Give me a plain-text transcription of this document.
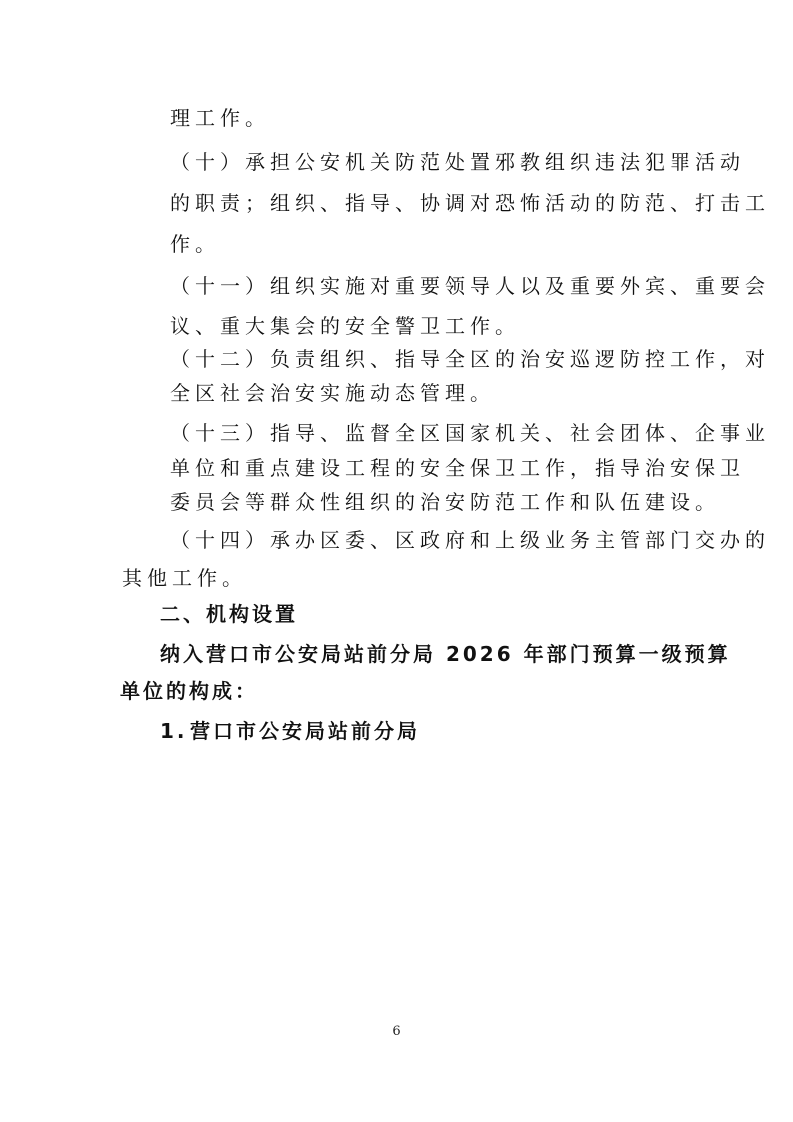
理工作。
（十）承担公安机关防范处置邪教组织违法犯罪活动
的职责；组织、指导、协调对恐怖活动的防范、打击工
作。
（十一）组织实施对重要领导人以及重要外宾、重要会
议、重大集会的安全警卫工作。
（十二）负责组织、指导全区的治安巡逻防控工作，对
全区社会治安实施动态管理。
（十三）指导、监督全区国家机关、社会团体、企事业
单位和重点建设工程的安全保卫工作，指导治安保卫
委员会等群众性组织的治安防范工作和队伍建设。
（十四）承办区委、区政府和上级业务主管部门交办的
其他工作。
二、机构设置
纳入营口市公安局站前分局 2026 年部门预算一级预算
单位的构成：
1. 营口市公安局站前分局
6
